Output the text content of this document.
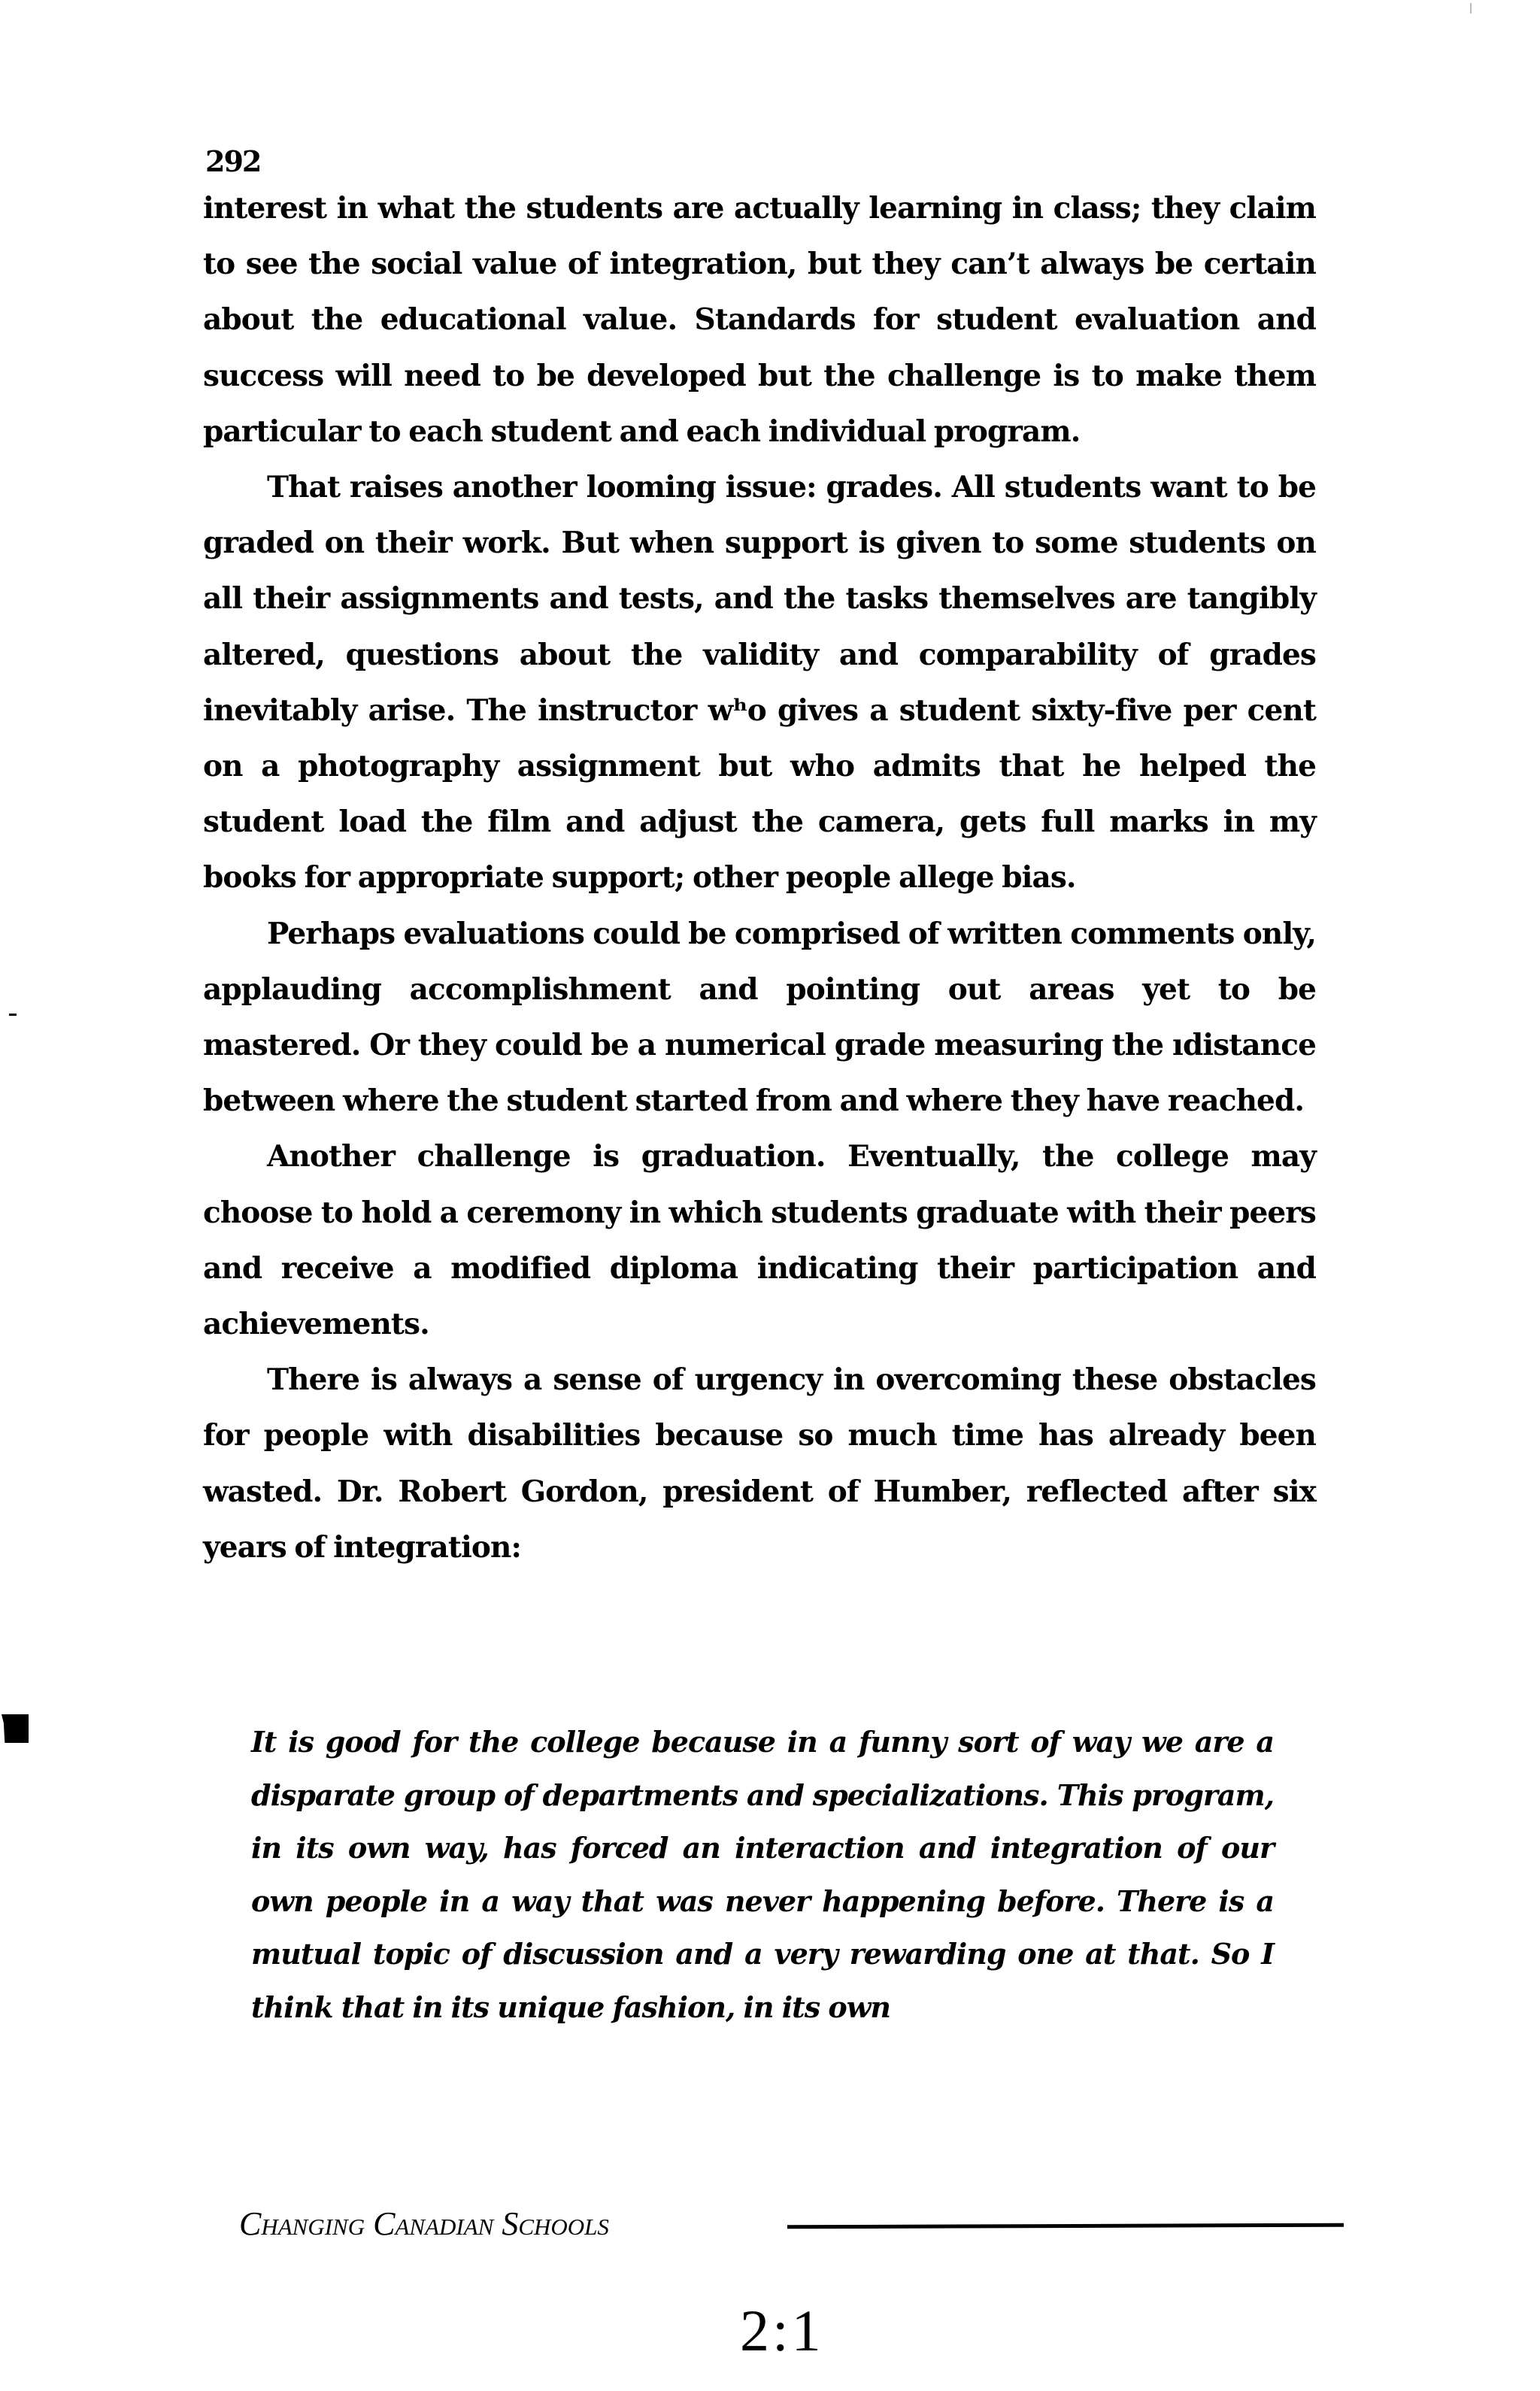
292

interest in what the students are actually learning in class; they claim to see the social value of integration, but they can’t always be certain about the educational value. Standards for student evaluation and success will need to be developed but the challenge is to make them particular to each student and each individual program.

That raises another looming issue: grades. All students want to be graded on their work. But when support is given to some students on all their assignments and tests, and the tasks themselves are tangibly altered, questions about the validity and comparability of grades inevitably arise. The instructor wʰo gives a student sixty-five per cent on a photography assignment but who admits that he helped the student load the film and adjust the camera, gets full marks in my books for appropriate support; other people allege bias.

Perhaps evaluations could be comprised of written comments only, applauding accomplishment and pointing out areas yet to be mastered. Or they could be a numerical grade measuring the ıdistance between where the student started from and where they have reached.

Another challenge is graduation. Eventually, the college may choose to hold a ceremony in which students graduate with their peers and receive a modified diploma indicating their participation and achievements.

There is always a sense of urgency in overcoming these obstacles for people with disabilities because so much time has already been wasted. Dr. Robert Gordon, president of Humber, reflected after six years of integration:

It is good for the college because in a funny sort of way we are a disparate group of departments and specializations. This program, in its own way, has forced an interaction and integration of our own people in a way that was never happening before. There is a mutual topic of discussion and a very rewarding one at that. So I think that in its unique fashion, in its own

Changing Canadian Schools
2:1
